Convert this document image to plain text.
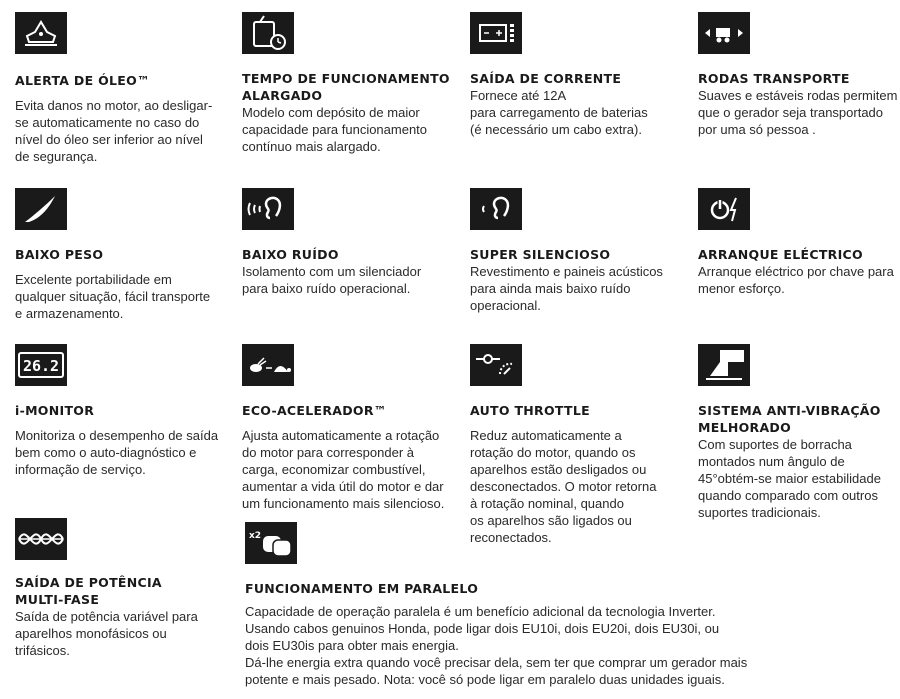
ALERTA DE ÓLEO™

Evita danos no motor, ao desligar-
se automaticamente no caso do
nível do óleo ser inferior ao nível
de segurança.

TEMPO DE FUNCIONAMENTO
ALARGADO

Modelo com depósito de maior
capacidade para funcionamento
contínuo mais alargado.

SAÍDA DE CORRENTE

Fornece até 12A
para carregamento de baterias
(é necessário um cabo extra).

RODAS TRANSPORTE

Suaves e estáveis rodas permitem
que o gerador seja transportado
por uma só pessoa .

BAIXO PESO

Excelente portabilidade em
qualquer situação, fácil transporte
e armazenamento.

BAIXO RUÍDO

Isolamento com um silenciador
para baixo ruído operacional.

SUPER SILENCIOSO

Revestimento e paineis acústicos
para ainda mais baixo ruído
operacional.

ARRANQUE ELÉCTRICO

Arranque eléctrico por chave para
menor esforço.

26.2

i-MONITOR

Monitoriza o desempenho de saída
bem como o auto-diagnóstico e
informação de serviço.

ECO-ACELERADOR™

Ajusta automaticamente a rotação
do motor para corresponder à
carga, economizar combustível,
aumentar a vida útil do motor e dar
um funcionamento mais silencioso.

AUTO THROTTLE

Reduz automaticamente a
rotação do motor, quando os
aparelhos estão desligados ou
desconectados. O motor retorna
à rotação nominal, quando
os aparelhos são ligados ou
reconectados.

SISTEMA ANTI-VIBRAÇÃO
MELHORADO

Com suportes de borracha
montados num ângulo de
45°obtém-se maior estabilidade
quando comparado com outros
suportes tradicionais.

SAÍDA DE POTÊNCIA
MULTI-FASE

Saída de potência variável para
aparelhos monofásicos ou
trifásicos.

x2

FUNCIONAMENTO EM PARALELO

Capacidade de operação paralela é um benefício adicional da tecnologia Inverter.
Usando cabos genuinos Honda, pode ligar dois EU10i, dois EU20i, dois EU30i, ou
dois EU30is para obter mais energia.
Dá-lhe energia extra quando você precisar dela, sem ter que comprar um gerador mais
potente e mais pesado. Nota: você só pode ligar em paralelo duas unidades iguais.
